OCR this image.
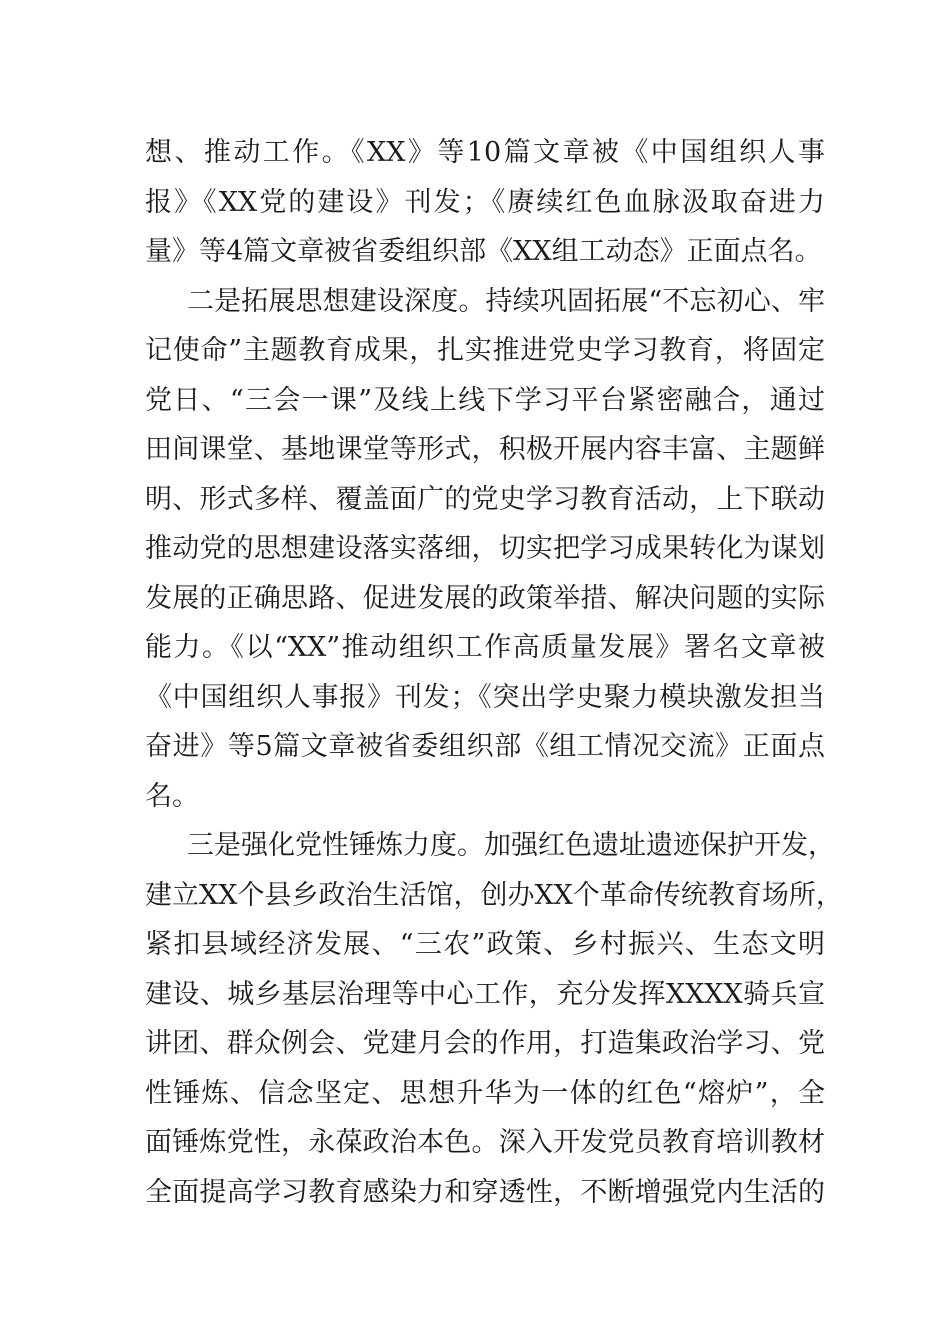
想、推动工作。《XX》等10篇文章被《中国组织人事
报》《XX党的建设》刊发；《赓续红色血脉汲取奋进力
量》等4篇文章被省委组织部《XX组工动态》正面点名。
二是拓展思想建设深度。持续巩固拓展“不忘初心、牢
记使命”主题教育成果，扎实推进党史学习教育，将固定
党日、“三会一课”及线上线下学习平台紧密融合，通过
田间课堂、基地课堂等形式，积极开展内容丰富、主题鲜
明、形式多样、覆盖面广的党史学习教育活动，上下联动
推动党的思想建设落实落细，切实把学习成果转化为谋划
发展的正确思路、促进发展的政策举措、解决问题的实际
能力。《以“XX”推动组织工作高质量发展》署名文章被
《中国组织人事报》刊发；《突出学史聚力模块激发担当
奋进》等5篇文章被省委组织部《组工情况交流》正面点
名。
三是强化党性锤炼力度。加强红色遗址遗迹保护开发，
建立XX个县乡政治生活馆，创办XX个革命传统教育场所，
紧扣县域经济发展、“三农”政策、乡村振兴、生态文明
建设、城乡基层治理等中心工作，充分发挥XXXX骑兵宣
讲团、群众例会、党建月会的作用，打造集政治学习、党
性锤炼、信念坚定、思想升华为一体的红色“熔炉”，全
面锤炼党性，永葆政治本色。深入开发党员教育培训教材
全面提高学习教育感染力和穿透性，不断增强党内生活的
